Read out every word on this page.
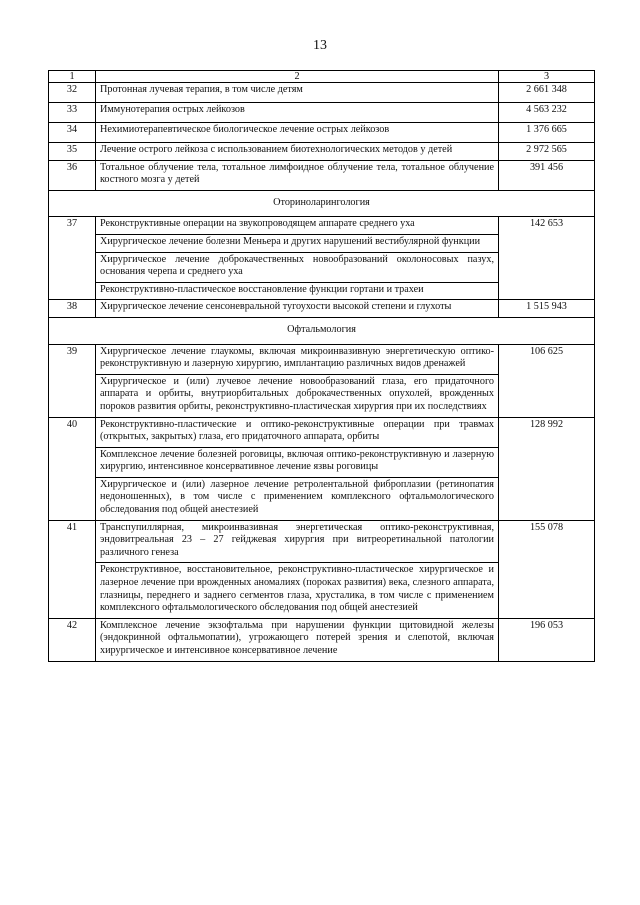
13
1	2	3
32	Протонная лучевая терапия, в том числе детям	2 661 348
33	Иммунотерапия острых лейкозов	4 563 232
34	Нехимиотерапевтическое биологическое лечение острых лейкозов	1 376 665
35	Лечение острого лейкоза с использованием биотехнологических методов у детей	2 972 565
36	Тотальное облучение тела, тотальное лимфоидное облучение тела, тотальное облучение костного мозга у детей	391 456
Оториноларингология		
37	Реконструктивные операции на звукопроводящем аппарате среднего уха	142 653
	Хирургическое лечение болезни Меньера и других нарушений вестибулярной функции	
	Хирургическое лечение доброкачественных новообразований околоносовых пазух, основания черепа и среднего уха	
	Реконструктивно-пластическое восстановление функции гортани и трахеи	
38	Хирургическое лечение сенсоневральной тугоухости высокой степени и глухоты	1 515 943
Офтальмология		
39	Хирургическое лечение глаукомы, включая микроинвазивную энергетическую оптико-реконструктивную и лазерную хирургию, имплантацию различных видов дренажей	106 625
	Хирургическое и (или) лучевое лечение новообразований глаза, его придаточного аппарата и орбиты, внутриорбитальных доброкачественных опухолей, врожденных пороков развития орбиты, реконструктивно-пластическая хирургия при их последствиях	
40	Реконструктивно-пластические и оптико-реконструктивные операции при травмах (открытых, закрытых) глаза, его придаточного аппарата, орбиты	128 992
	Комплексное лечение болезней роговицы, включая оптико-реконструктивную и лазерную хирургию, интенсивное консервативное лечение язвы роговицы	
	Хирургическое и (или) лазерное лечение ретролентальной фиброплазии (ретинопатия недоношенных), в том числе с применением комплексного офтальмологического обследования под общей анестезией	
41	Транспупиллярная, микроинвазивная энергетическая оптико-реконструктивная, эндовитреальная 23 – 27 гейджевая хирургия при витреоретинальной патологии различного генеза	155 078
	Реконструктивное, восстановительное, реконструктивно-пластическое хирургическое и лазерное лечение при врожденных аномалиях (пороках развития) века, слезного аппарата, глазницы, переднего и заднего сегментов глаза, хрусталика, в том числе с применением комплексного офтальмологического обследования под общей анестезией	
42	Комплексное лечение экзофтальма при нарушении функции щитовидной железы (эндокринной офтальмопатии), угрожающего потерей зрения и слепотой, включая хирургическое и интенсивное консервативное лечение	196 053
